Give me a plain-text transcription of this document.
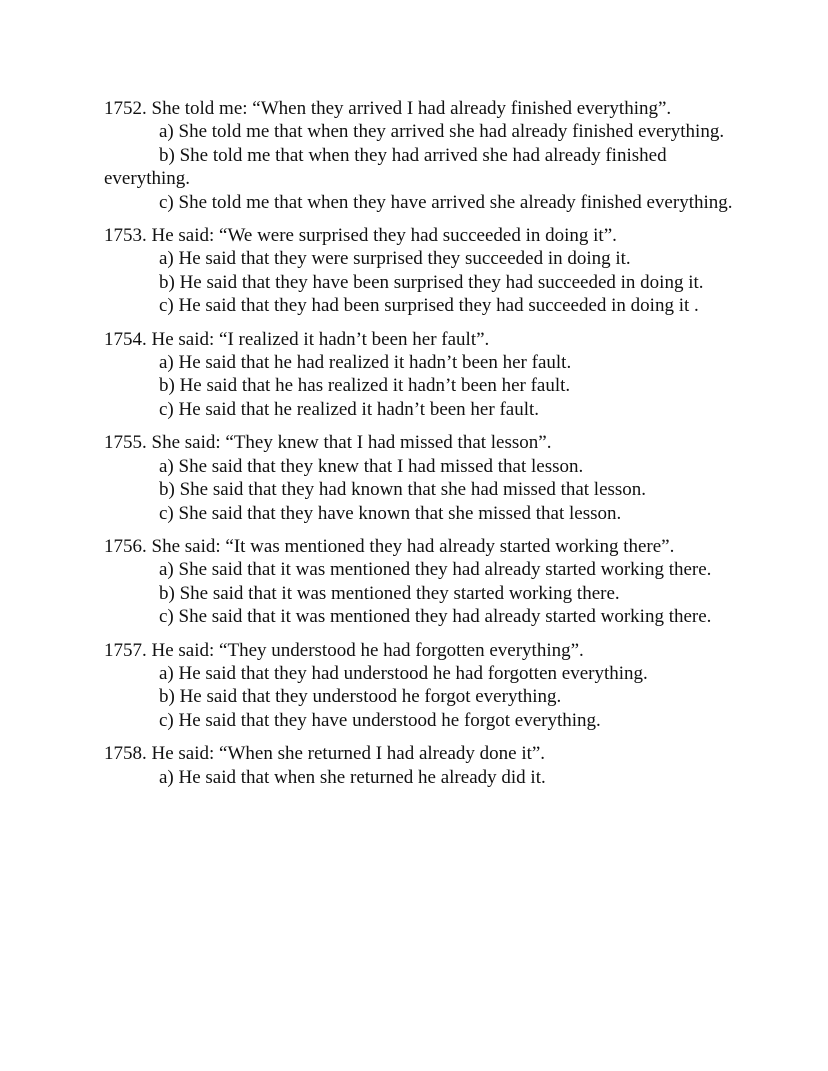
1752. She told me: “When they arrived I had already finished everything”.

a) She told me that when they arrived she had already finished everything.

b) She told me that when they had arrived she had already finished everything.

c) She told me that when they have arrived she already finished everything.

1753. He said: “We were surprised they had succeeded in doing it”.

a) He said that they were surprised they succeeded in doing it.

b) He said that they have been surprised they had succeeded in doing it.

c) He said that they had been surprised they had succeeded in doing it .

1754. He said: “I realized it hadn’t been her fault”.

a) He said that he had realized it hadn’t been her fault.

b) He said that he has realized it hadn’t been her fault.

c) He said that he realized it hadn’t been her fault.

1755. She said: “They knew that I had missed that lesson”.

a) She said that they knew that I had missed that lesson.

b) She said that they had known that she had missed that lesson.

c) She said that they have known that she missed that lesson.

1756. She said: “It was mentioned they had already started working there”.

a) She said that it was mentioned they had already started working there.

b) She said that it was mentioned they started working there.

c) She said that it was mentioned they had already started working there.

1757. He said: “They understood he had forgotten everything”.

a) He said that they had understood he had forgotten everything.

b) He said that they understood he forgot everything.

c) He said that they have understood he forgot everything.

1758. He said: “When she returned I had already done it”.

a) He said that when she returned he already did it.
